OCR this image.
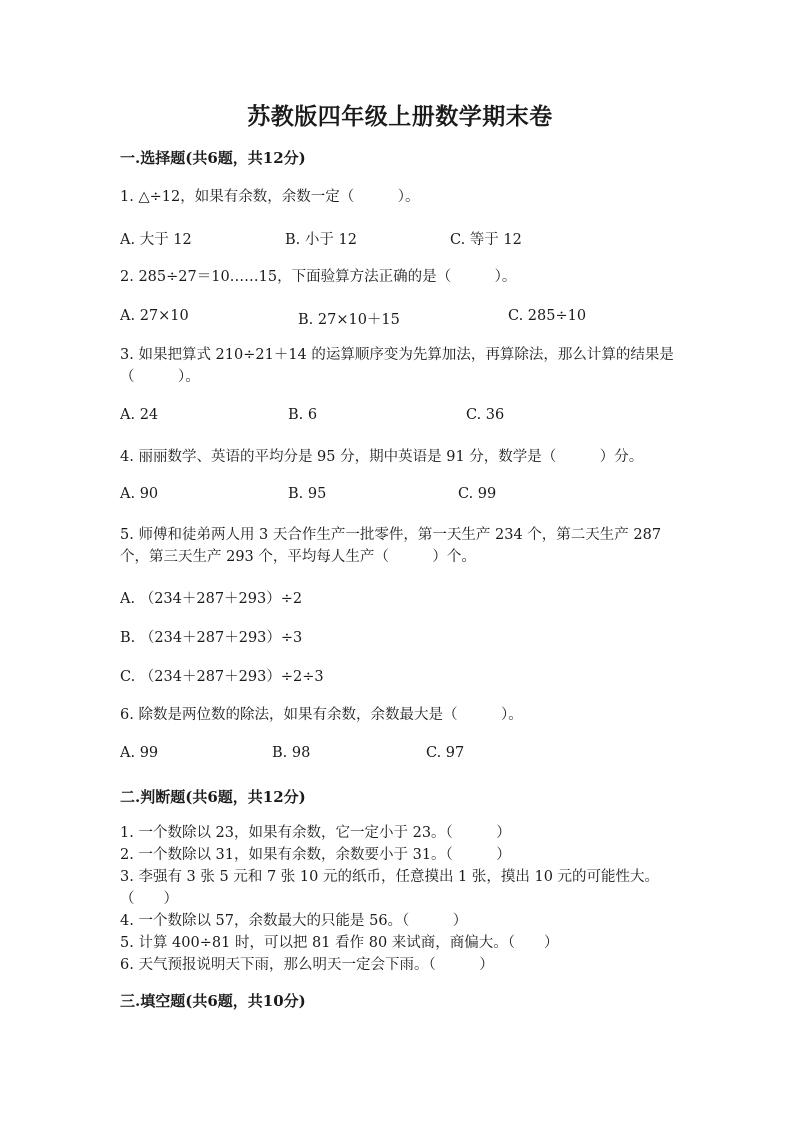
苏教版四年级上册数学期末卷
一.选择题(共6题，共12分)
1. △÷12，如果有余数，余数一定（　　　）。
A. 大于 12	B. 小于 12	C. 等于 12
2. 285÷27＝10……15，下面验算方法正确的是（　　　）。
A. 27×10	B. 27×10＋15	C. 285÷10
3. 如果把算式 210÷21＋14 的运算顺序变为先算加法，再算除法，那么计算的结果是（　　　）。
A. 24	B. 6	C. 36
4. 丽丽数学、英语的平均分是 95 分，期中英语是 91 分，数学是（　　　）分。
A. 90	B. 95	C. 99
5. 师傅和徒弟两人用 3 天合作生产一批零件，第一天生产 234 个，第二天生产 287 个，第三天生产 293 个，平均每人生产（　　　）个。
A. （234＋287＋293）÷2
B. （234＋287＋293）÷3
C. （234＋287＋293）÷2÷3
6. 除数是两位数的除法，如果有余数，余数最大是（　　　）。
A. 99	B. 98	C. 97
二.判断题(共6题，共12分)
1. 一个数除以 23，如果有余数，它一定小于 23。（　　　）
2. 一个数除以 31，如果有余数，余数要小于 31。（　　　）
3. 李强有 3 张 5 元和 7 张 10 元的纸币，任意摸出 1 张，摸出 10 元的可能性大。　　（　　）
4. 一个数除以 57，余数最大的只能是 56。（　　　）
5. 计算 400÷81 时，可以把 81 看作 80 来试商，商偏大。（　　）
6. 天气预报说明天下雨，那么明天一定会下雨。（　　　）
三.填空题(共6题，共10分)
